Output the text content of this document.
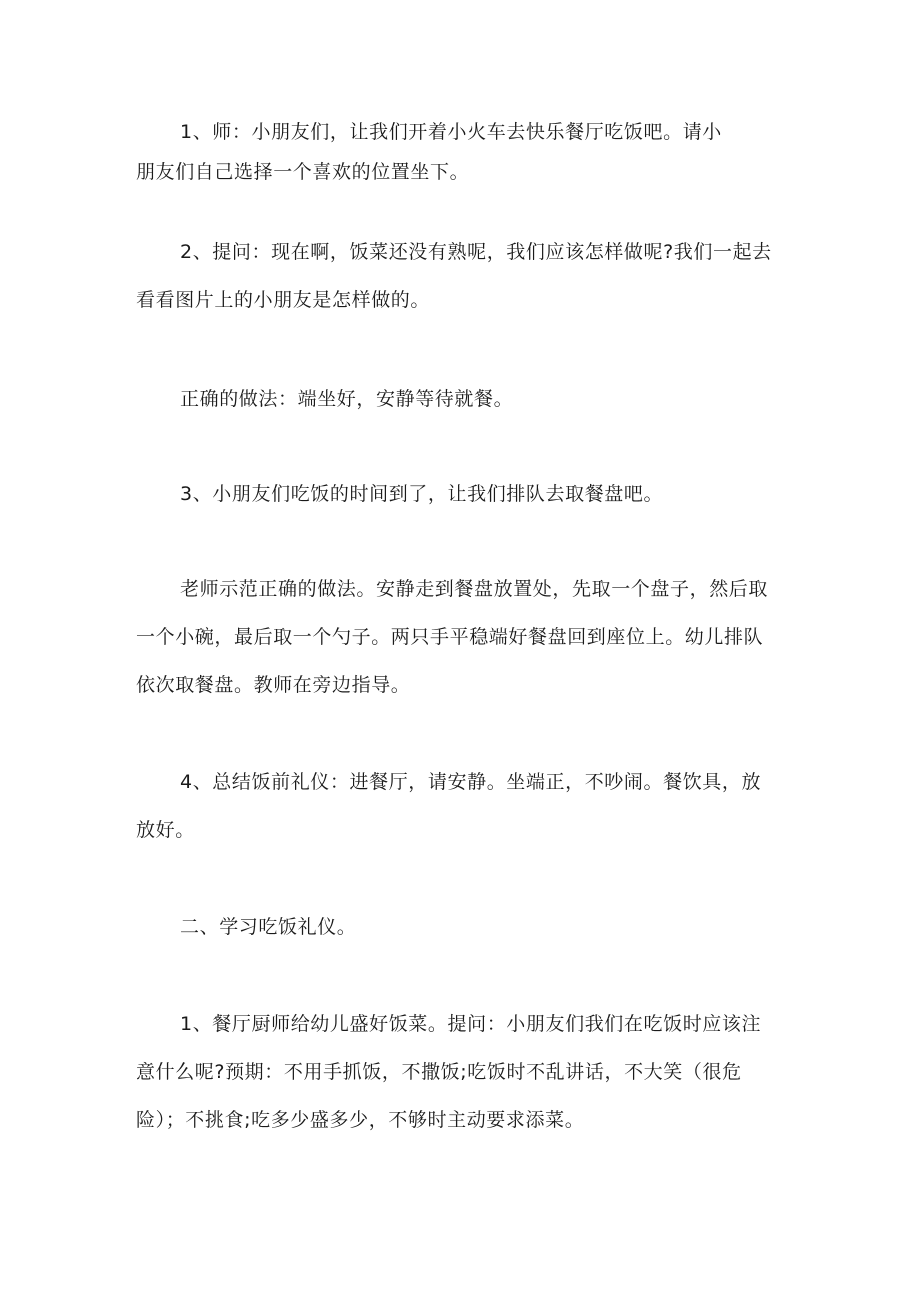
1、师：小朋友们，让我们开着小火车去快乐餐厅吃饭吧。请小
朋友们自己选择一个喜欢的位置坐下。

2、提问：现在啊，饭菜还没有熟呢，我们应该怎样做呢?我们一起去
看看图片上的小朋友是怎样做的。

正确的做法：端坐好，安静等待就餐。

3、小朋友们吃饭的时间到了，让我们排队去取餐盘吧。

老师示范正确的做法。安静走到餐盘放置处，先取一个盘子，然后取
一个小碗，最后取一个勺子。两只手平稳端好餐盘回到座位上。幼儿排队
依次取餐盘。教师在旁边指导。

4、总结饭前礼仪：进餐厅，请安静。坐端正，不吵闹。餐饮具，放
放好。

二、学习吃饭礼仪。

1、餐厅厨师给幼儿盛好饭菜。提问：小朋友们我们在吃饭时应该注
意什么呢?预期：不用手抓饭，不撒饭;吃饭时不乱讲话，不大笑（很危
险）；不挑食;吃多少盛多少，不够时主动要求添菜。
